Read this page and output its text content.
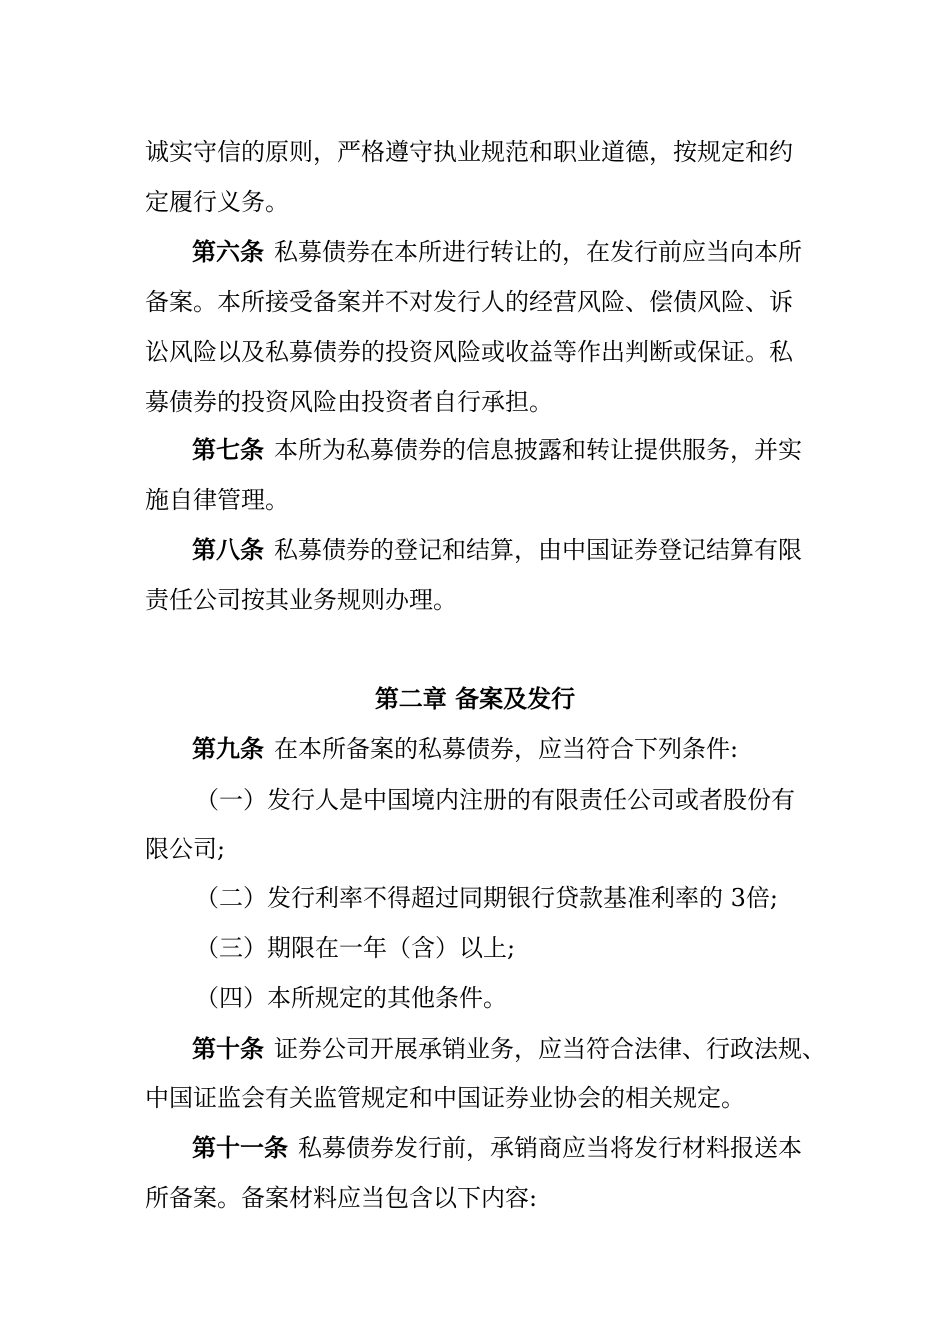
诚实守信的原则，严格遵守执业规范和职业道德，按规定和约
定履行义务。
第六条 私募债券在本所进行转让的，在发行前应当向本所
备案。本所接受备案并不对发行人的经营风险、偿债风险、诉
讼风险以及私募债券的投资风险或收益等作出判断或保证。私
募债券的投资风险由投资者自行承担。
第七条 本所为私募债券的信息披露和转让提供服务，并实
施自律管理。
第八条 私募债券的登记和结算，由中国证券登记结算有限
责任公司按其业务规则办理。
第二章 备案及发行
第九条 在本所备案的私募债券，应当符合下列条件:
（一）发行人是中国境内注册的有限责任公司或者股份有
限公司;
（二）发行利率不得超过同期银行贷款基准利率的 3倍;
（三）期限在一年（含）以上;
（四）本所规定的其他条件。
第十条 证券公司开展承销业务，应当符合法律、行政法规、
中国证监会有关监管规定和中国证券业协会的相关规定。
第十一条 私募债券发行前，承销商应当将发行材料报送本
所备案。备案材料应当包含以下内容:
